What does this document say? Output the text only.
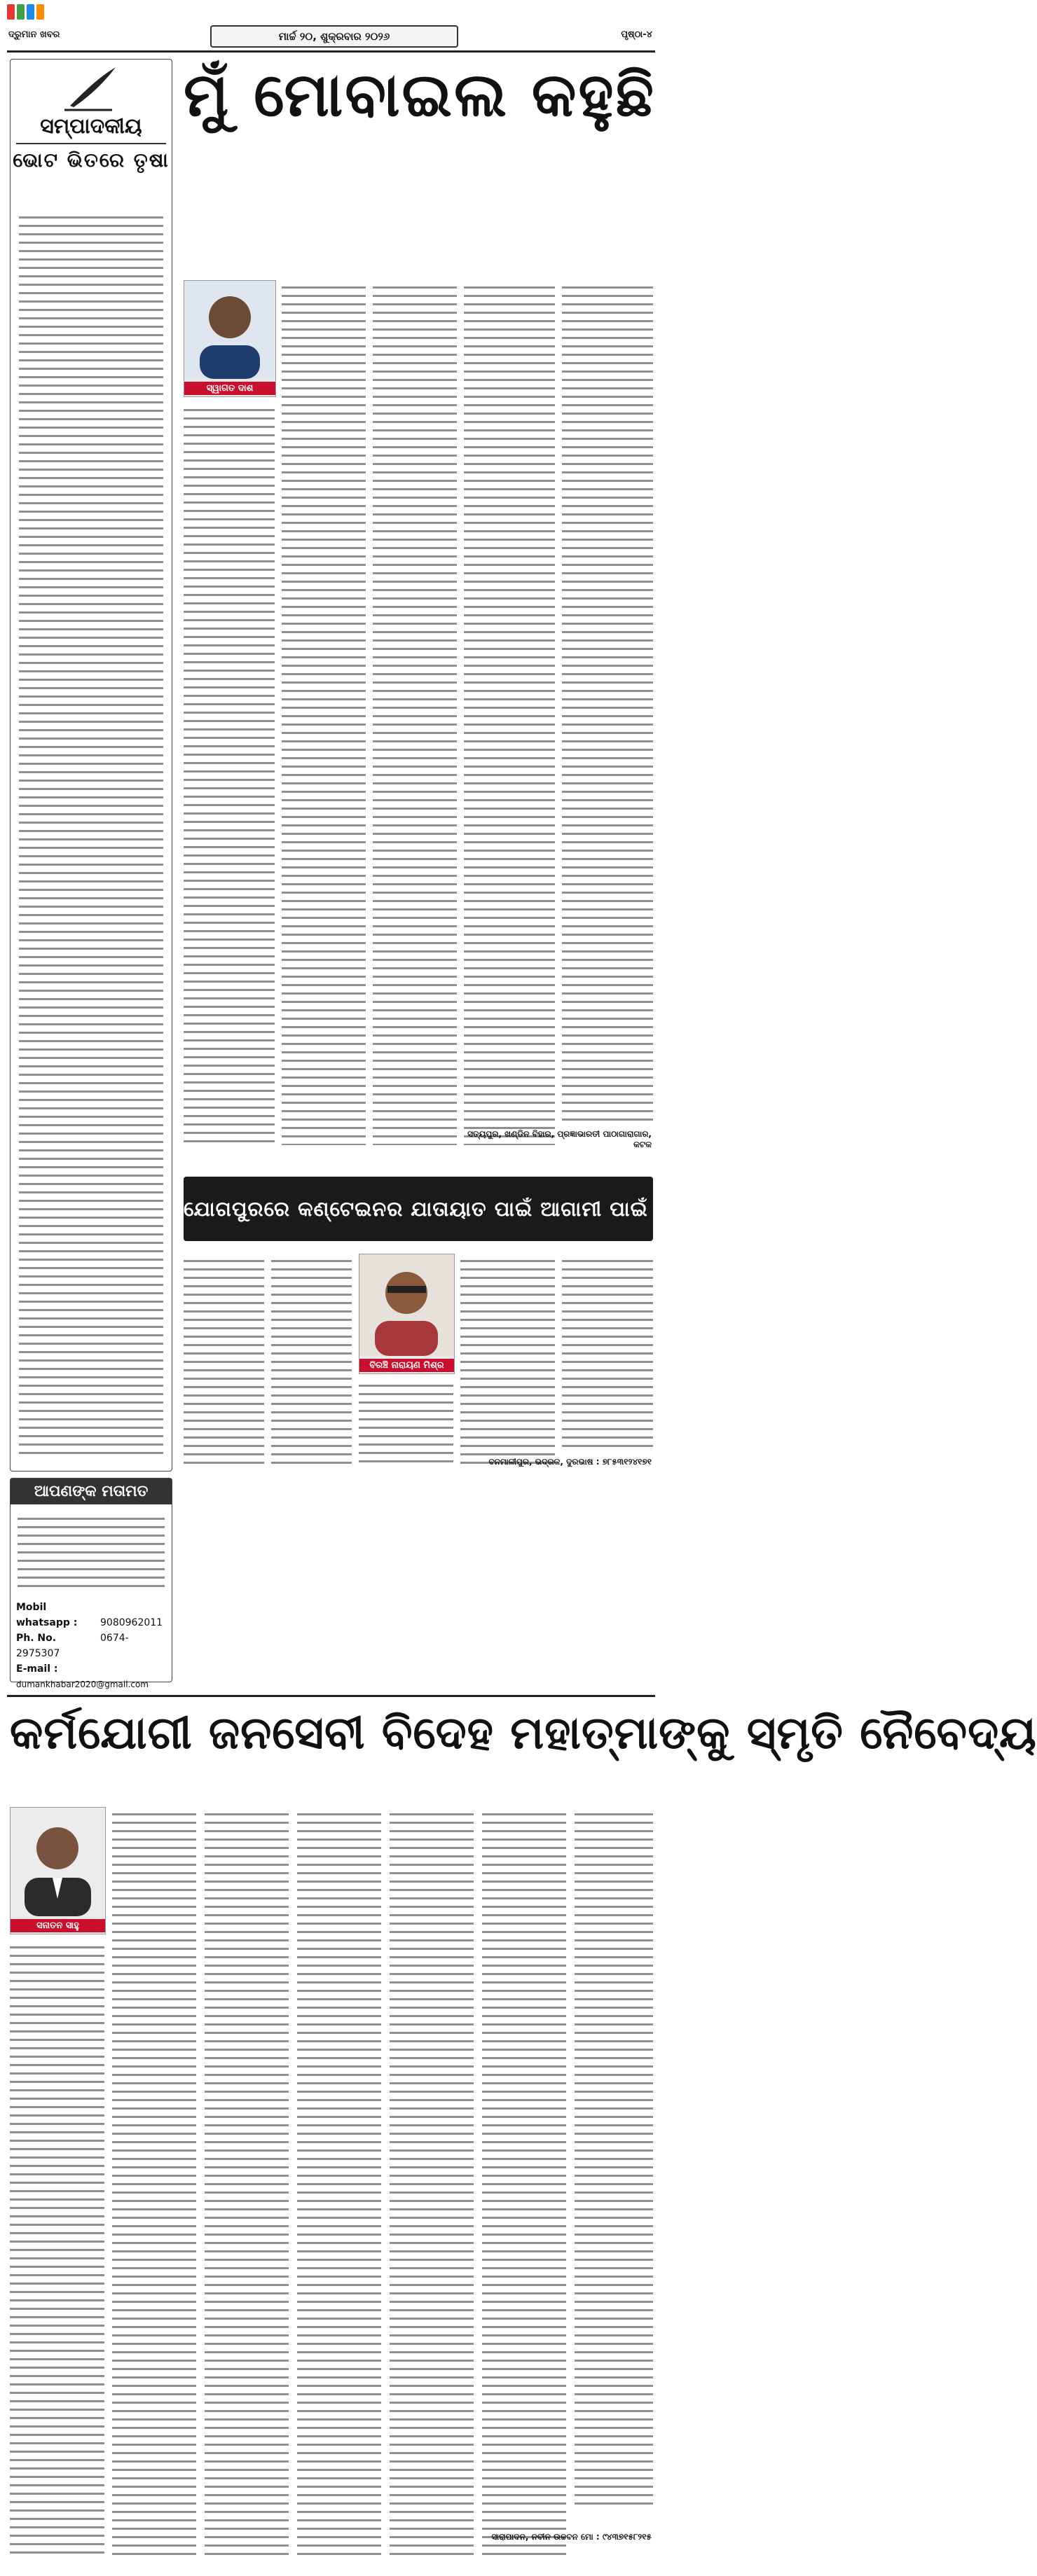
ଦ୍ରୁମାନ ଖବର	ମାର୍ଚ୍ଚ ୨୦, ଶୁକ୍ରବାର ୨୦୨୬	ପୃଷ୍ଠା-୪
ସମ୍ପାଦକୀୟ
ଭୋଟ ଭିତରେ ତୃଷା
ଆପଣଙ୍କ ମତାମତ
Mobil whatsapp : 9080962011
Ph. No.	0674-2975307
E-mail :dumankhabar2020@gmail.com
ମୁଁ ମୋବାଇଲ କହୁଛି
ସ୍ୱାଗତ ଦାଶ
ସତ୍ୟପୁର, ଖଣ୍ଡିନ ବିହାର, ପ୍ରଜ୍ଞାଭାରତୀ ପାଠାଗାରାଗାର, କଟକ
ଯୋଗପୁରରେ କଣ୍ଟେଇନର ଯାତାୟାତ ପାଇଁ ଆଗାମୀ ପାଇଁ କେବେ ଲାଗିବ ପ୍ରକଳ୍ପ?
ବିରଞ୍ଚି ନାରାୟଣ ମିଶ୍ର
ବନମାଳୀପୁର, ଭଦ୍ରକ, ଦୁରଭାଷ : ୭୮୫୩୧୨୪୧୭୧
କର୍ମଯୋଗୀ ଜନସେବୀ ବିଦେହ ମହାତ୍ମାଙ୍କୁ ସ୍ମୃତି ନୈବେଦ୍ୟ
ସନାତନ ସାହୁ
ସାରାପାଦନ, ନବୀନ ଉଚ୍ଚବନ ମୋ : ୯୪୩୭୧୫୮୨୧୫
